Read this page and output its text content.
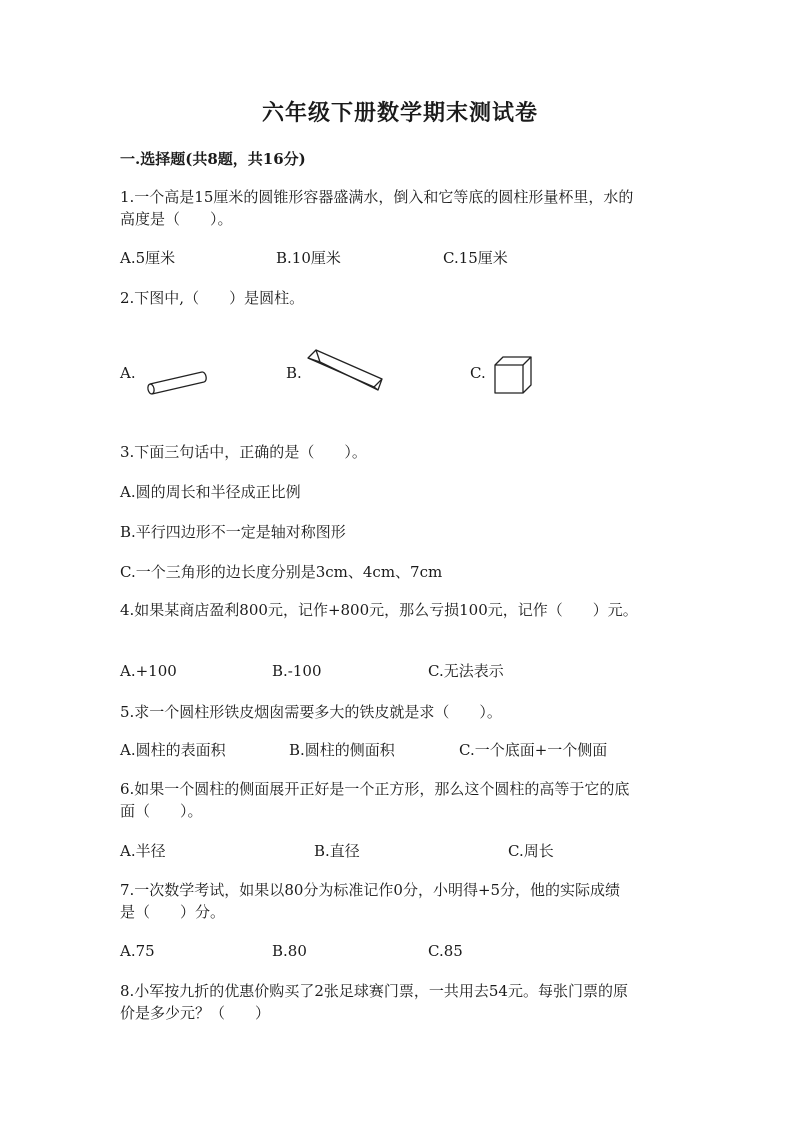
六年级下册数学期末测试卷
一.选择题(共8题，共16分)
1.一个高是15厘米的圆锥形容器盛满水，倒入和它等底的圆柱形量杯里，水的
高度是（　　）。
A.5厘米	B.10厘米	C.15厘米
2.下图中,（　　）是圆柱。
A.	B.	C.
3.下面三句话中，正确的是（　　）。
A.圆的周长和半径成正比例
B.平行四边形不一定是轴对称图形
C.一个三角形的边长度分别是3cm、4cm、7cm
4.如果某商店盈利800元，记作+800元，那么亏损100元，记作（　　）元。
A.+100	B.-100	C.无法表示
5.求一个圆柱形铁皮烟囱需要多大的铁皮就是求（　　）。
A.圆柱的表面积	B.圆柱的侧面积	C.一个底面+一个侧面
6.如果一个圆柱的侧面展开正好是一个正方形，那么这个圆柱的高等于它的底
面（　　）。
A.半径	B.直径	C.周长
7.一次数学考试，如果以80分为标准记作0分，小明得+5分，他的实际成绩
是（　　）分。
A.75	B.80	C.85
8.小军按九折的优惠价购买了2张足球赛门票，一共用去54元。每张门票的原
价是多少元？（　　）
